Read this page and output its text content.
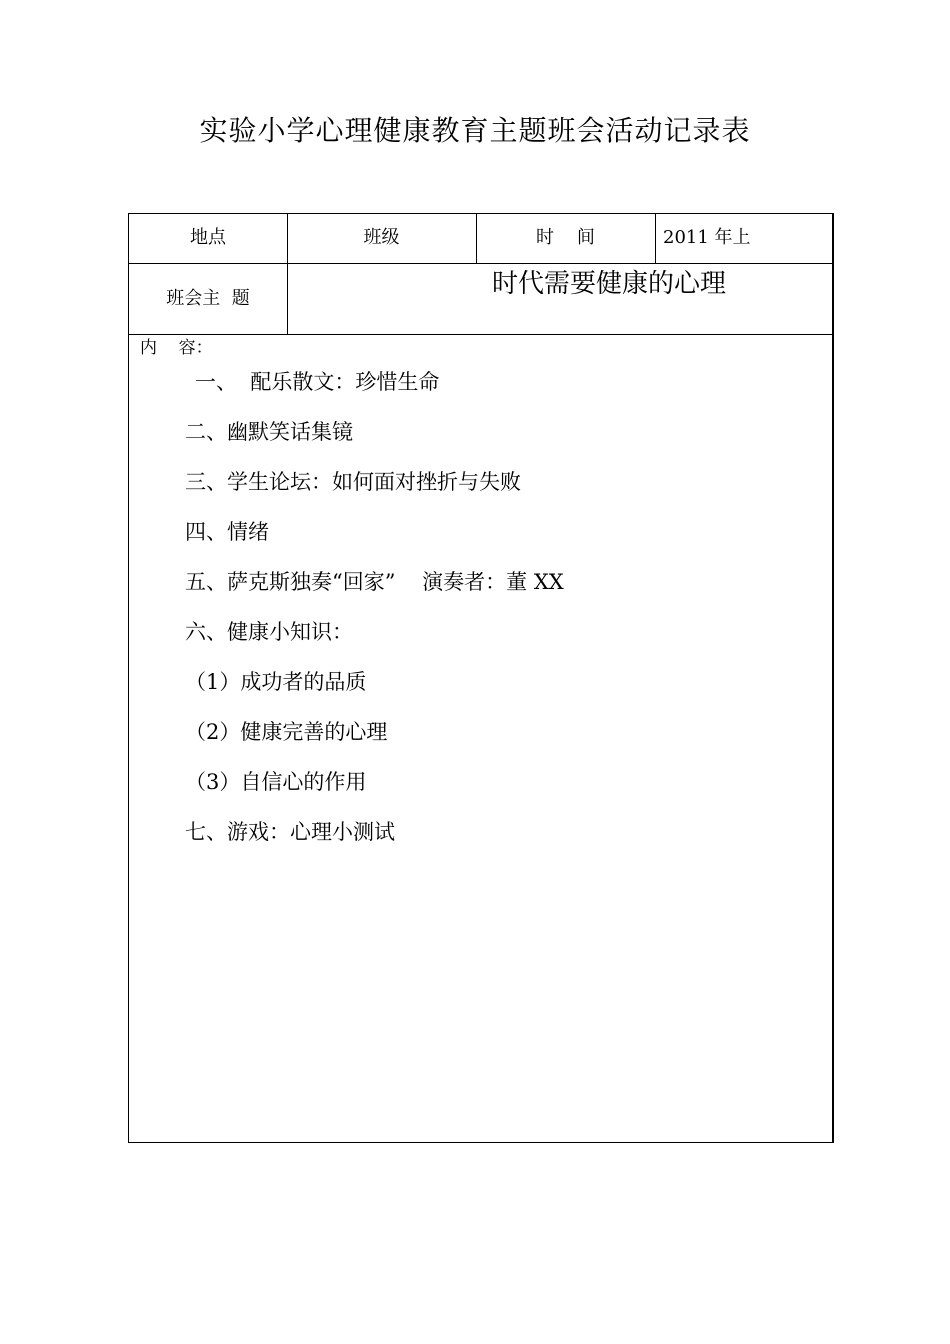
实验小学心理健康教育主题班会活动记录表
地点	班级	时    间	2011 年上
班会主  题	时代需要健康的心理
内    容：
一、  配乐散文：珍惜生命
二、幽默笑话集镜
三、学生论坛：如何面对挫折与失败
四、情绪
五、萨克斯独奏“回家”    演奏者：董 XX
六、健康小知识：
（1）成功者的品质
（2）健康完善的心理
（3）自信心的作用
七、游戏：心理小测试
